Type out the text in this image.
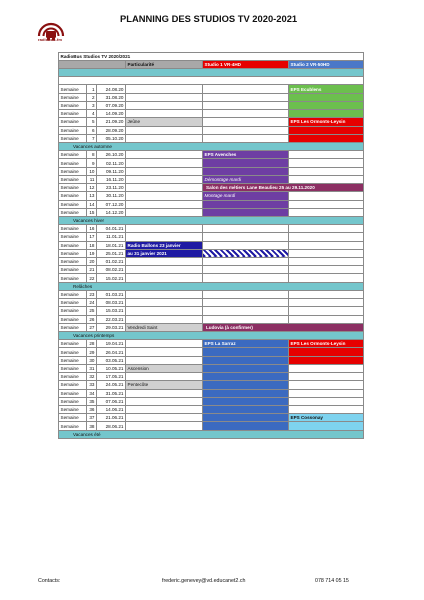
radiobus.fm
PLANNING DES STUDIOS TV 2020-2021
RadioBus Studios TV 2020/2021					
			Particularité	Studio 1 VR-4HD	Studio 2 VR-50HD

Semaine	1	24.08.20			EPS Ecublens
Semaine	2	31.08.20			
Semaine	3	07.09.20			
Semaine	4	14.09.20			
Semaine	5	21.09.20	Jeûne		EPS Les Ormonts-Leysin
Semaine	6	28.09.20			
Semaine	7	05.10.20			
Vacances automne					
Semaine	8	26.10.20		EPS Avenches	
Semaine	9	02.11.20			
Semaine	10	09.11.20			
Semaine	11	16.11.20		Démontage mardi	
Semaine	12	23.11.20		Salon des métiers Lane Beaulieu 25 au 29.11.2020	
Semaine	13	30.11.20		Montage mardi	
Semaine	14	07.12.20			
Semaine	15	14.12.20			
Vacances hiver					
Semaine	16	04.01.21			
Semaine	17	11.01.21			
Semaine	18	18.01.21	Radio Ballons 23 janvier		
Semaine	19	25.01.21	au 31 janvier 2021		
Semaine	20	01.02.21			
Semaine	21	08.02.21			
Semaine	22	15.02.21			
Relâches					
Semaine	23	01.03.21			
Semaine	24	08.03.21			
Semaine	25	15.03.21			
Semaine	26	22.03.21			
Semaine	27	29.03.21	Vendredi Saint	Ludovia (à confirmer)	
Vacances printemps					
Semaine	28	19.04.21		EPS La Sarraz	EPS Les Ormonts-Leysin
Semaine	29	26.04.21			
Semaine	30	03.05.21			
Semaine	31	10.05.21	Ascension		
Semaine	32	17.05.21			
Semaine	33	24.05.21	Pentecôte		
Semaine	34	31.05.21			
Semaine	35	07.06.21			
Semaine	36	14.06.21			
Semaine	37	21.06.21			EPS Cossonay
Semaine	38	28.06.21			
Vacances été					
Contacts:	frederic.genevey@vd.educanet2.ch	078 714 05 15
